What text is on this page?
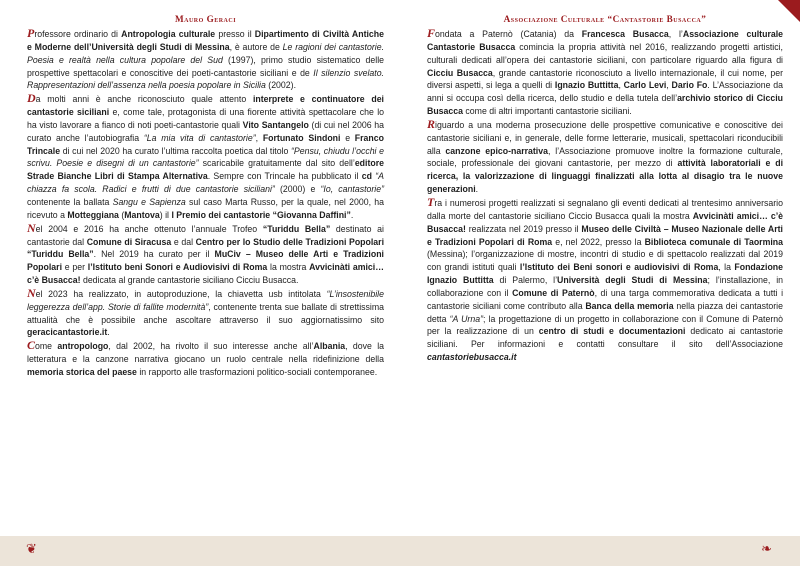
Mauro Geraci

Professore ordinario di Antropologia culturale presso il Dipartimento di Civiltà Antiche e Moderne dell’Università degli Studi di Messina, è autore de Le ragioni dei cantastorie. Poesia e realtà nella cultura popolare del Sud (1997), primo studio sistematico delle prospettive spettacolari e conoscitive dei poeti-cantastorie siciliani e de Il silenzio svelato. Rappresentazioni dell’assenza nella poesia popolare in Sicilia (2002).

Da molti anni è anche riconosciuto quale attento interprete e continuatore dei cantastorie siciliani e, come tale, protagonista di una fiorente attività spettacolare che lo ha visto lavorare a fianco di noti poeti-cantastorie quali Vito Santangelo (di cui nel 2006 ha curato anche l’autobiografia “La mia vita di cantastorie”, Fortunato Sindoni e Franco Trincale di cui nel 2020 ha curato l’ultima raccolta poetica dal titolo “Pensu, chiudu l’occhi e scrivu. Poesie e disegni di un cantastorie” scaricabile gratuitamente dal sito dell’editore Strade Bianche Libri di Stampa Alternativa. Sempre con Trincale ha pubblicato il cd “A chiazza fa scola. Radici e frutti di due cantastorie siciliani” (2000) e “Io, cantastorie” contenente la ballata Sangu e Sapienza sul caso Marta Russo, per la quale, nel 2000, ha ricevuto a Motteggiana (Mantova) il I Premio dei cantastorie “Giovanna Daffini”.

Nel 2004 e 2016 ha anche ottenuto l’annuale Trofeo “Turiddu Bella” destinato ai cantastorie dal Comune di Siracusa e dal Centro per lo Studio delle Tradizioni Popolari “Turiddu Bella”. Nel 2019 ha curato per il MuCiv – Museo delle Arti e Tradizioni Popolari e per l’Istituto beni Sonori e Audiovisivi di Roma la mostra Avvicinàti amici… c’è Busacca! dedicata al grande cantastorie siciliano Cicciu Busacca.

Nel 2023 ha realizzato, in autoproduzione, la chiavetta usb intitolata “L’insostenibile leggerezza dell’app. Storie di fallite modernità”, contenente trenta sue ballate di strettissima attualità che è possibile anche ascoltare attraverso il suo aggiornatissimo sito geracicantastorie.it.

Come antropologo, dal 2002, ha rivolto il suo interesse anche all’Albania, dove la letteratura e la canzone narrativa giocano un ruolo centrale nella ridefinizione della memoria storica del paese in rapporto alle trasformazioni politico-sociali contemporanee.

Associazione Culturale “Cantastorie Busacca”

Fondata a Paternò (Catania) da Francesca Busacca, l’Associazione culturale Cantastorie Busacca comincia la propria attività nel 2016, realizzando progetti artistici, culturali dedicati all’opera dei cantastorie siciliani, con particolare riguardo alla figura di Cicciu Busacca, grande cantastorie riconosciuto a livello internazionale, il cui nome, per diversi aspetti, si lega a quelli di Ignazio Buttitta, Carlo Levi, Dario Fo. L’Associazione da anni si occupa così della ricerca, dello studio e della tutela dell’archivio storico di Cicciu Busacca come di altri importanti cantastorie siciliani.

Riguardo a una moderna prosecuzione delle prospettive comunicative e conoscitive dei cantastorie siciliani e, in generale, delle forme letterarie, musicali, spettacolari riconducibili alla canzone epico-narrativa, l’Associazione promuove inoltre la formazione culturale, sociale, professionale dei giovani cantastorie, per mezzo di attività laboratoriali e di ricerca, la valorizzazione di linguaggi finalizzati alla lotta al disagio tra le nuove generazioni.

Tra i numerosi progetti realizzati si segnalano gli eventi dedicati al trentesimo anniversario dalla morte del cantastorie siciliano Ciccio Busacca quali la mostra Avvicinàti amici… c’è Busacca! realizzata nel 2019 presso il Museo delle Civiltà – Museo Nazionale delle Arti e Tradizioni Popolari di Roma e, nel 2022, presso la Biblioteca comunale di Taormina (Messina); l’organizzazione di mostre, incontri di studio e di spettacolo realizzati dal 2019 con grandi istituti quali l’Istituto dei Beni sonori e audiovisivi di Roma, la Fondazione Ignazio Buttitta di Palermo, l’Università degli Studi di Messina; l’installazione, in collaborazione con il Comune di Paternò, di una targa commemorativa dedicata a tutti i cantastorie siciliani come contributo alla Banca della memoria nella piazza dei cantastorie detta “A Urna”; la progettazione di un progetto in collaborazione con il Comune di Paternò per la realizzazione di un centro di studi e documentazioni dedicato ai cantastorie siciliani. Per informazioni e contatti consultare il sito dell’Associazione cantastoriebusacca.it

❦	❧
